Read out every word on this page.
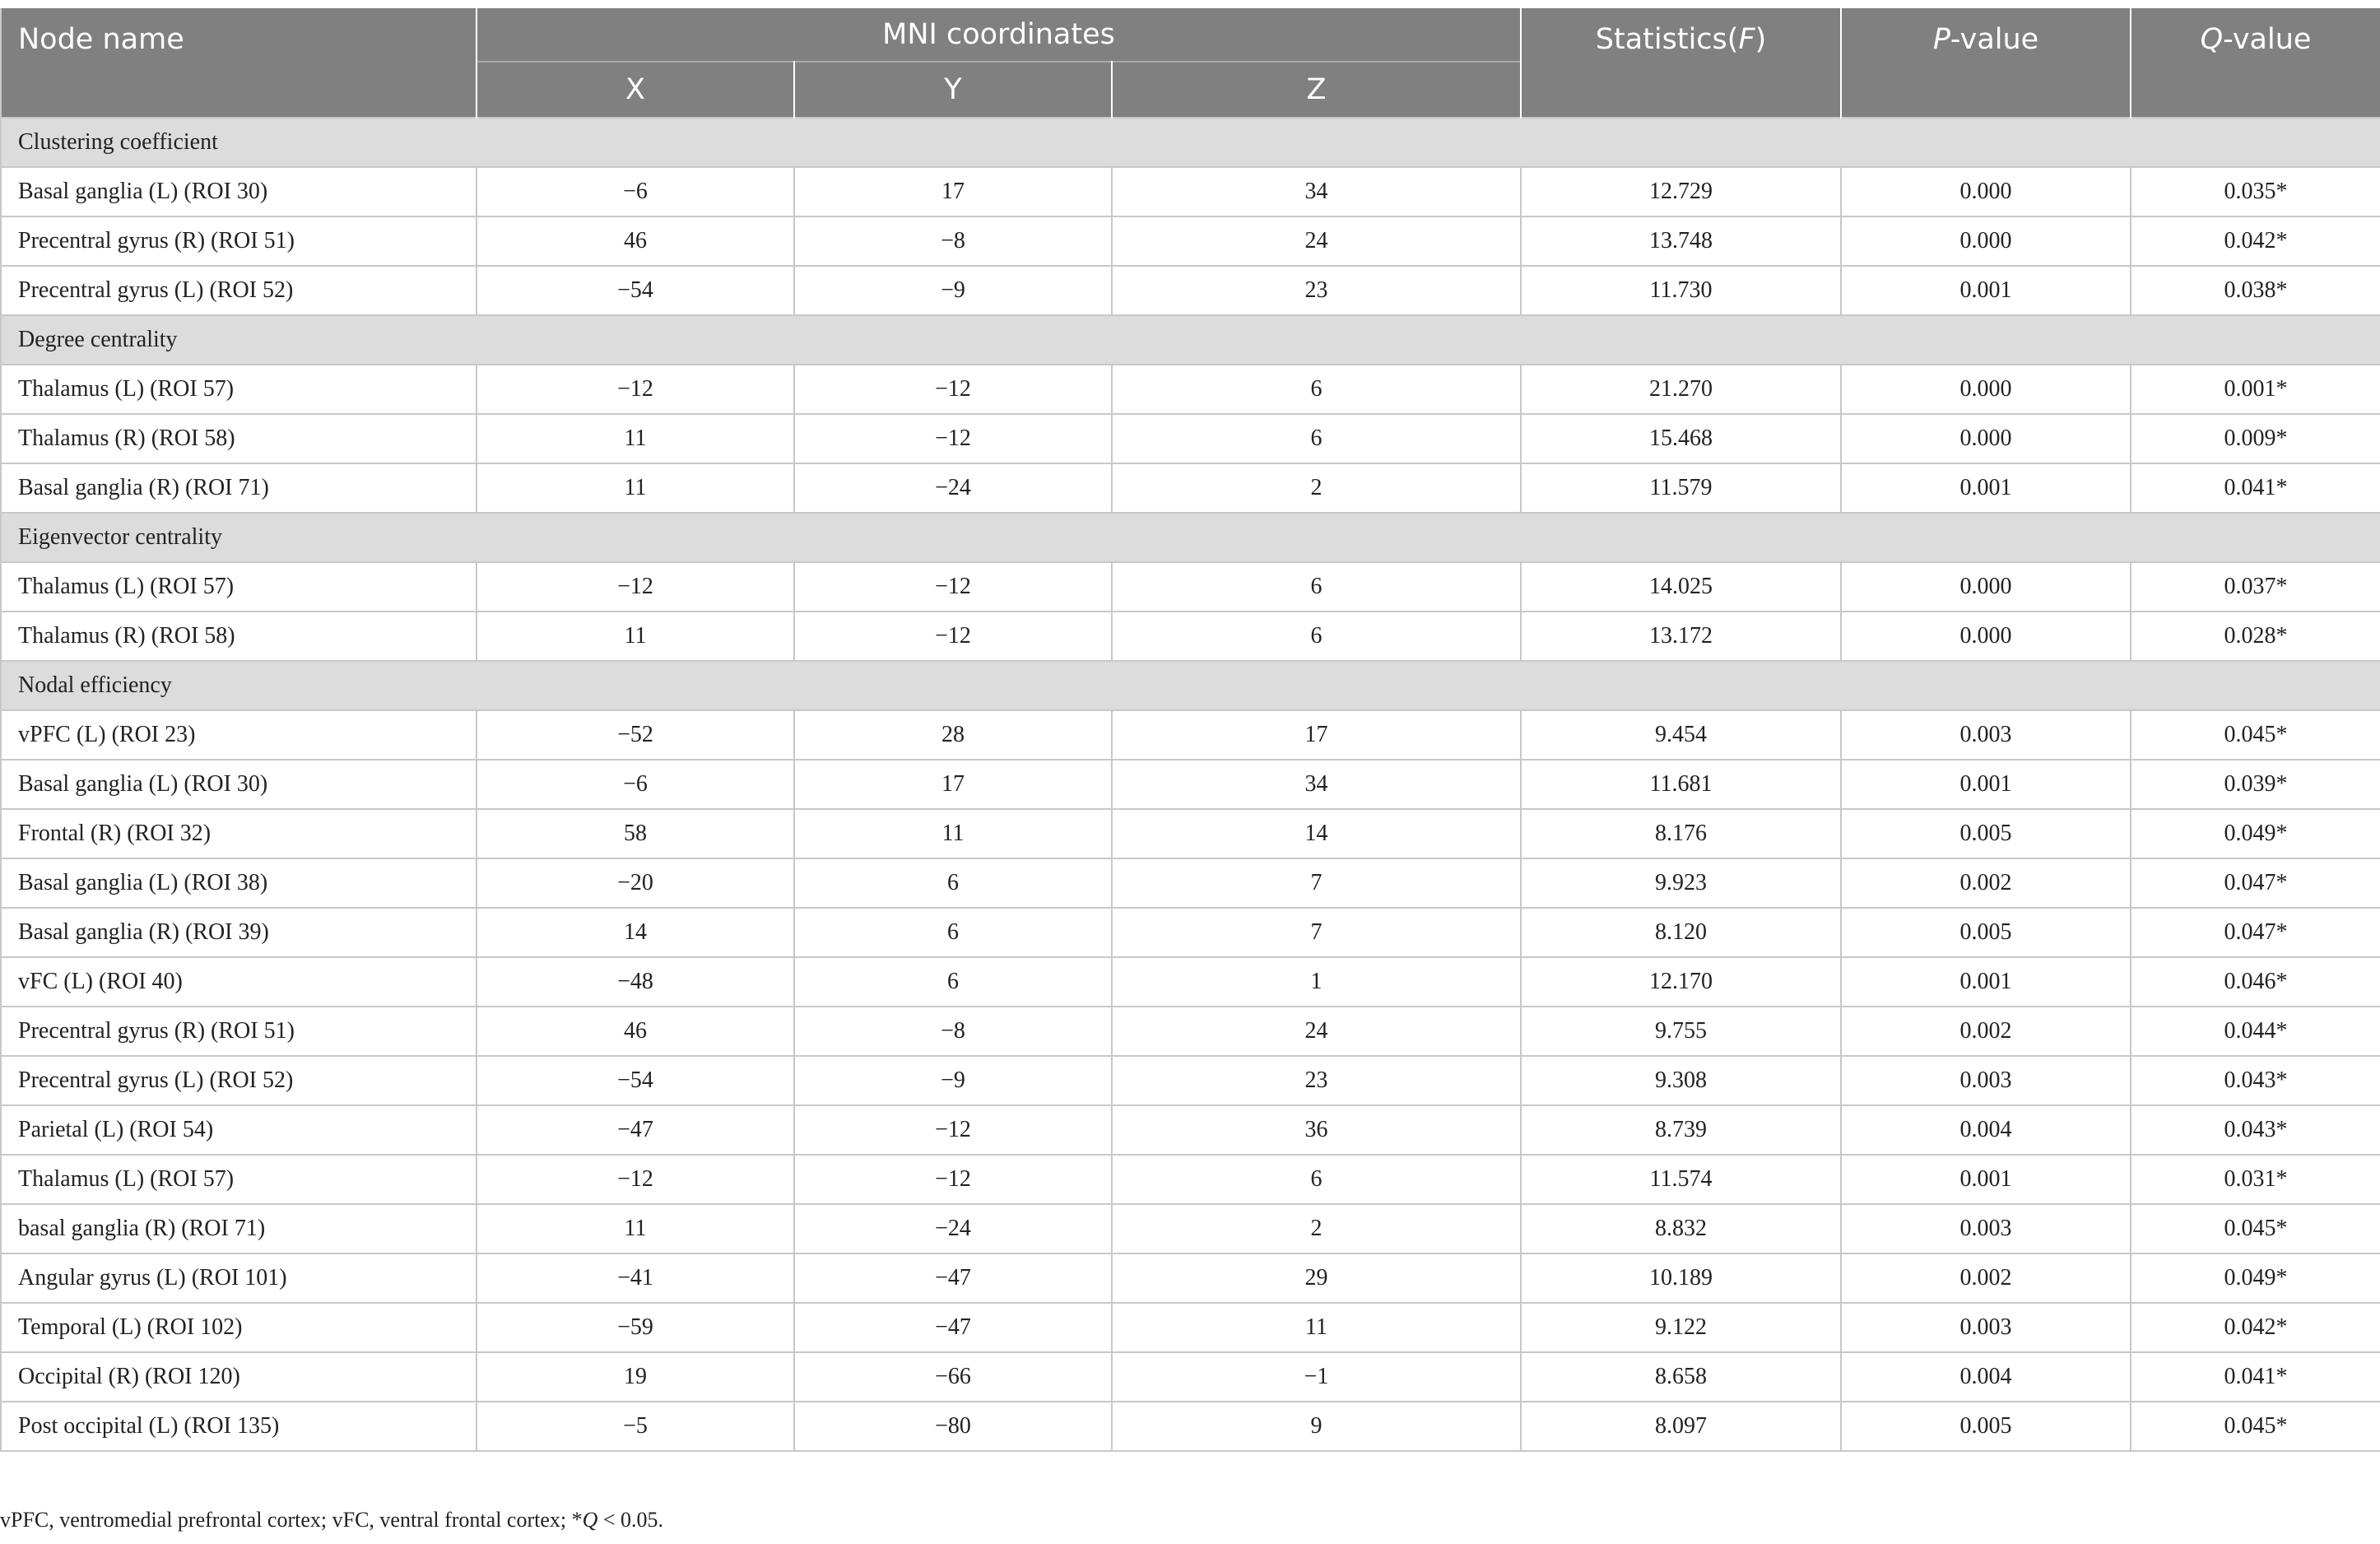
Node name	MNI coordinates			Statistics(F)	P-value	Q-value
	X	Y	Z			
Clustering coefficient						
Basal ganglia (L) (ROI 30)	−6	17	34	12.729	0.000	0.035*
Precentral gyrus (R) (ROI 51)	46	−8	24	13.748	0.000	0.042*
Precentral gyrus (L) (ROI 52)	−54	−9	23	11.730	0.001	0.038*
Degree centrality						
Thalamus (L) (ROI 57)	−12	−12	6	21.270	0.000	0.001*
Thalamus (R) (ROI 58)	11	−12	6	15.468	0.000	0.009*
Basal ganglia (R) (ROI 71)	11	−24	2	11.579	0.001	0.041*
Eigenvector centrality						
Thalamus (L) (ROI 57)	−12	−12	6	14.025	0.000	0.037*
Thalamus (R) (ROI 58)	11	−12	6	13.172	0.000	0.028*
Nodal efficiency						
vPFC (L) (ROI 23)	−52	28	17	9.454	0.003	0.045*
Basal ganglia (L) (ROI 30)	−6	17	34	11.681	0.001	0.039*
Frontal (R) (ROI 32)	58	11	14	8.176	0.005	0.049*
Basal ganglia (L) (ROI 38)	−20	6	7	9.923	0.002	0.047*
Basal ganglia (R) (ROI 39)	14	6	7	8.120	0.005	0.047*
vFC (L) (ROI 40)	−48	6	1	12.170	0.001	0.046*
Precentral gyrus (R) (ROI 51)	46	−8	24	9.755	0.002	0.044*
Precentral gyrus (L) (ROI 52)	−54	−9	23	9.308	0.003	0.043*
Parietal (L) (ROI 54)	−47	−12	36	8.739	0.004	0.043*
Thalamus (L) (ROI 57)	−12	−12	6	11.574	0.001	0.031*
basal ganglia (R) (ROI 71)	11	−24	2	8.832	0.003	0.045*
Angular gyrus (L) (ROI 101)	−41	−47	29	10.189	0.002	0.049*
Temporal (L) (ROI 102)	−59	−47	11	9.122	0.003	0.042*
Occipital (R) (ROI 120)	19	−66	−1	8.658	0.004	0.041*
Post occipital (L) (ROI 135)	−5	−80	9	8.097	0.005	0.045*
vPFC, ventromedial prefrontal cortex; vFC, ventral frontal cortex; *Q < 0.05.
